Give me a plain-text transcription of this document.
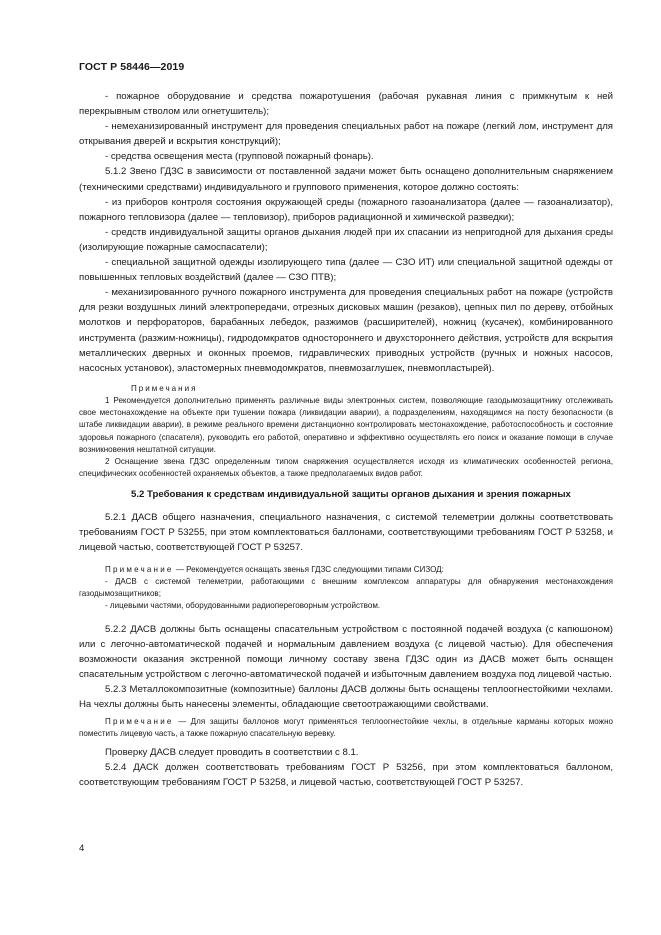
ГОСТ Р 58446—2019

- пожарное оборудование и средства пожаротушения (рабочая рукавная линия с примкнутым к ней перекрывным стволом или огнетушитель);

- немеханизированный инструмент для проведения специальных работ на пожаре (легкий лом, инструмент для открывания дверей и вскрытия конструкций);

- средства освещения места (групповой пожарный фонарь).

5.1.2 Звено ГДЗС в зависимости от поставленной задачи может быть оснащено дополнительным снаряжением (техническими средствами) индивидуального и группового применения, которое должно состоять:

- из приборов контроля состояния окружающей среды (пожарного газоанализатора (далее — газоанализатор), пожарного тепловизора (далее — тепловизор), приборов радиационной и химической разведки);

- средств индивидуальной защиты органов дыхания людей при их спасании из непригодной для дыхания среды (изолирующие пожарные самоспасатели);

- специальной защитной одежды изолирующего типа (далее — СЗО ИТ) или специальной защитной одежды от повышенных тепловых воздействий (далее — СЗО ПТВ);

- механизированного ручного пожарного инструмента для проведения специальных работ на пожаре (устройств для резки воздушных линий электропередачи, отрезных дисковых машин (резаков), цепных пил по дереву, отбойных молотков и перфораторов, барабанных лебедок, разжимов (расширителей), ножниц (кусачек), комбинированного инструмента (разжим-ножницы), гидродомкратов одностороннего и двухстороннего действия, устройств для вскрытия металлических дверных и оконных проемов, гидравлических приводных устройств (ручных и ножных насосов, насосных установок), эластомерных пневмодомкратов, пневмозаглушек, пневмопластырей).

Примечания

1 Рекомендуется дополнительно применять различные виды электронных систем, позволяющие газодымозащитнику отслеживать свое местонахождение на объекте при тушении пожара (ликвидации аварии), а подразделениям, находящимся на посту безопасности (в штабе ликвидации аварии), в режиме реального времени дистанционно контролировать местонахождение, работоспособность и состояние здоровья пожарного (спасателя), руководить его работой, оперативно и эффективно осуществлять его поиск и оказание помощи в случае возникновения нештатной ситуации.

2 Оснащение звена ГДЗС определенным типом снаряжения осуществляется исходя из климатических особенностей региона, специфических особенностей охраняемых объектов, а также предполагаемых видов работ.

5.2 Требования к средствам индивидуальной защиты органов дыхания и зрения пожарных

5.2.1 ДАСВ общего назначения, специального назначения, с системой телеметрии должны соответствовать требованиям ГОСТ Р 53255, при этом комплектоваться баллонами, соответствующими требованиям ГОСТ Р 53258, и лицевой частью, соответствующей ГОСТ Р 53257.

Примечание — Рекомендуется оснащать звенья ГДЗС следующими типами СИЗОД:

- ДАСВ с системой телеметрии, работающими с внешним комплексом аппаратуры для обнаружения местонахождения газодымозащитников;

- лицевыми частями, оборудованными радиопереговорным устройством.

5.2.2 ДАСВ должны быть оснащены спасательным устройством с постоянной подачей воздуха (с капюшоном) или с легочно-автоматической подачей и нормальным давлением воздуха (с лицевой частью). Для обеспечения возможности оказания экстренной помощи личному составу звена ГДЗС один из ДАСВ может быть оснащен спасательным устройством с легочно-автоматической подачей и избыточным давлением воздуха под лицевой частью.

5.2.3 Металлокомпозитные (композитные) баллоны ДАСВ должны быть оснащены теплоогнестойкими чехлами. На чехлы должны быть нанесены элементы, обладающие светоотражающими свойствами.

Примечание — Для защиты баллонов могут применяться теплоогнестойкие чехлы, в отдельные карманы которых можно поместить лицевую часть, а также пожарную спасательную веревку.

Проверку ДАСВ следует проводить в соответствии с 8.1.

5.2.4 ДАСК должен соответствовать требованиям ГОСТ Р 53256, при этом комплектоваться баллоном, соответствующим требованиям ГОСТ Р 53258, и лицевой частью, соответствующей ГОСТ Р 53257.

4
